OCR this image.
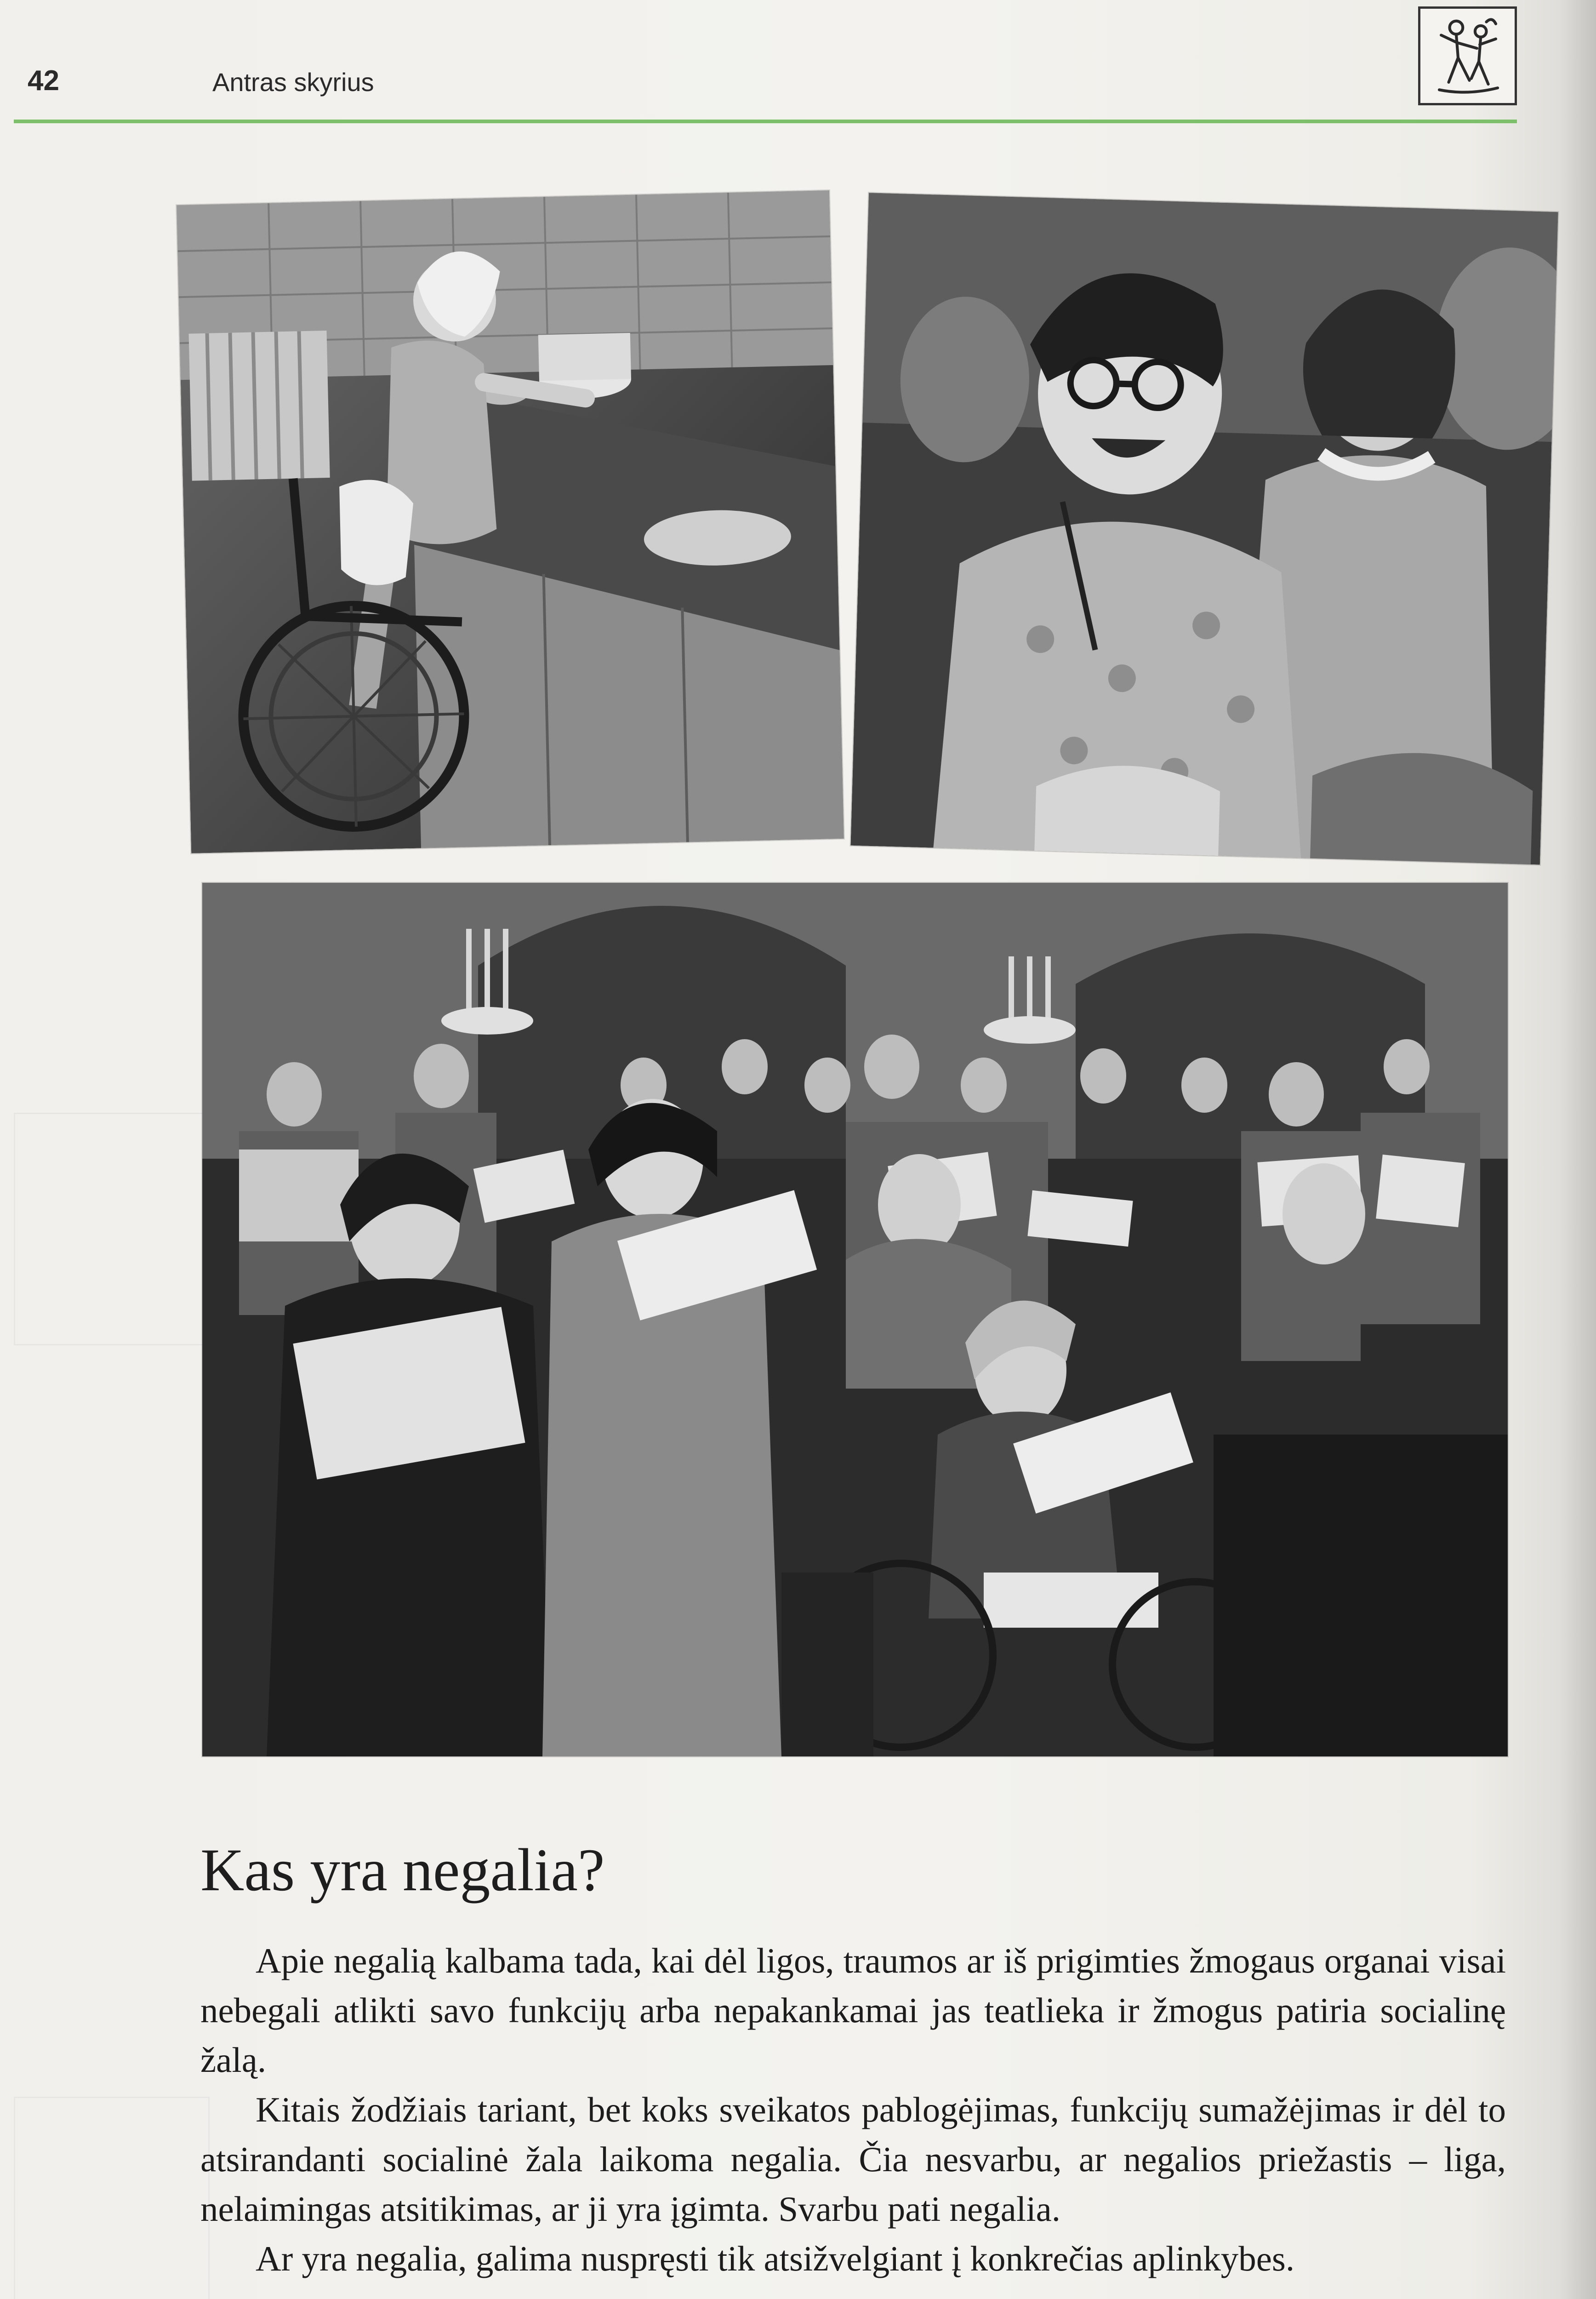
42	Antras skyrius
Kas yra negalia?

Apie negalią kalbama tada, kai dėl ligos, traumos ar iš prigimties žmogaus organai visai nebegali atlikti savo funkcijų arba nepakankamai jas teatlieka ir žmogus patiria socialinę žalą.

Kitais žodžiais tariant, bet koks sveikatos pablogėjimas, funkcijų sumažėjimas ir dėl to atsirandanti socialinė žala laikoma negalia. Čia nesvarbu, ar negalios priežastis – liga, nelaimingas atsitikimas, ar ji yra įgimta. Svarbu pati negalia.

Ar yra negalia, galima nuspręsti tik atsižvelgiant į konkrečias aplinkybes.
